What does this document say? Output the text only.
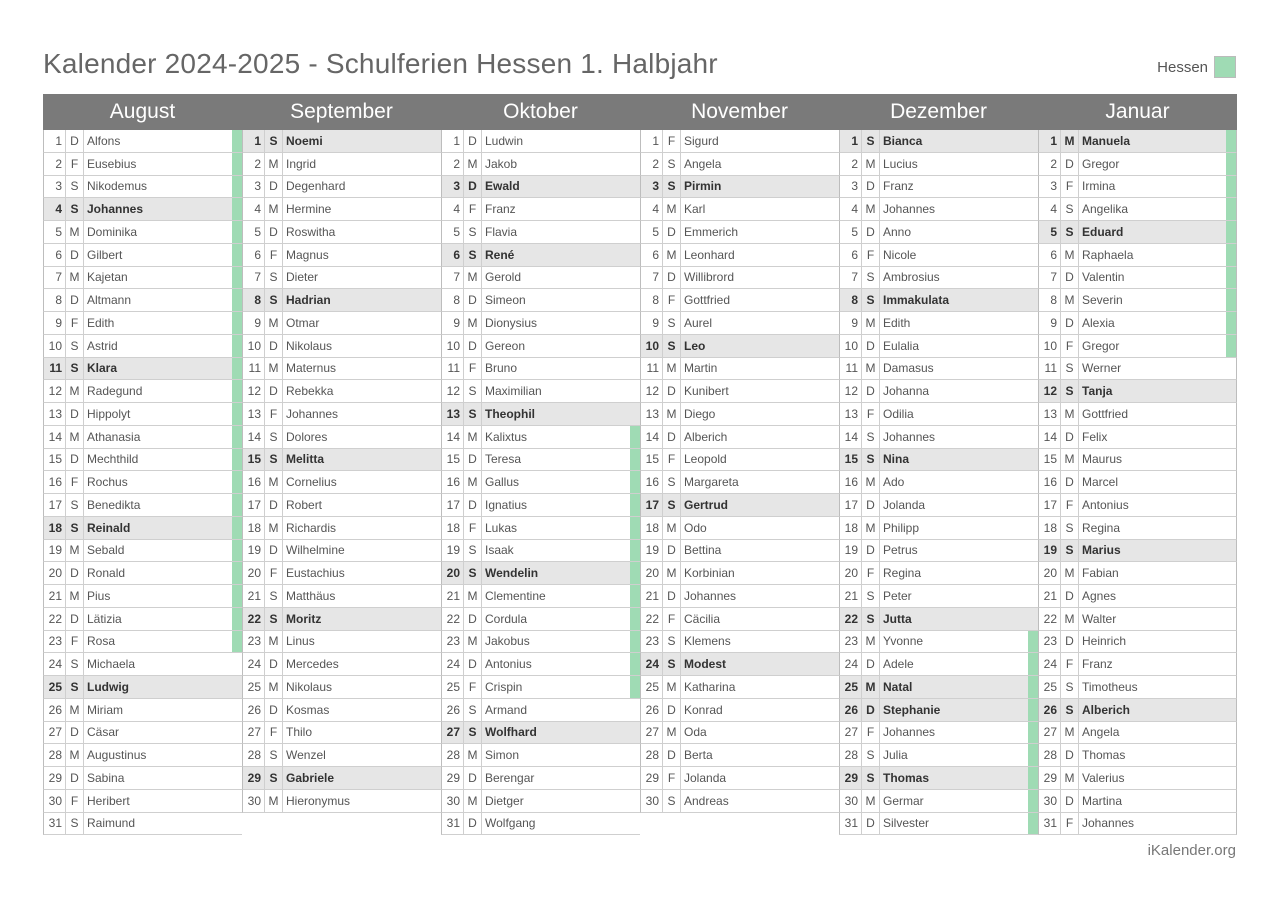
Kalender 2024-2025 - Schulferien Hessen 1. Halbjahr	Hessen
August
1 D Alfons
2 F Eusebius
3 S Nikodemus
4 S Johannes
5 M Dominika
6 D Gilbert
7 M Kajetan
8 D Altmann
9 F Edith
10 S Astrid
11 S Klara
12 M Radegund
13 D Hippolyt
14 M Athanasia
15 D Mechthild
16 F Rochus
17 S Benedikta
18 S Reinald
19 M Sebald
20 D Ronald
21 M Pius
22 D Lätizia
23 F Rosa
24 S Michaela
25 S Ludwig
26 M Miriam
27 D Cäsar
28 M Augustinus
29 D Sabina
30 F Heribert
31 S Raimund
September
1 S Noemi
2 M Ingrid
3 D Degenhard
4 M Hermine
5 D Roswitha
6 F Magnus
7 S Dieter
8 S Hadrian
9 M Otmar
10 D Nikolaus
11 M Maternus
12 D Rebekka
13 F Johannes
14 S Dolores
15 S Melitta
16 M Cornelius
17 D Robert
18 M Richardis
19 D Wilhelmine
20 F Eustachius
21 S Matthäus
22 S Moritz
23 M Linus
24 D Mercedes
25 M Nikolaus
26 D Kosmas
27 F Thilo
28 S Wenzel
29 S Gabriele
30 M Hieronymus
Oktober
1 D Ludwin
2 M Jakob
3 D Ewald
4 F Franz
5 S Flavia
6 S René
7 M Gerold
8 D Simeon
9 M Dionysius
10 D Gereon
11 F Bruno
12 S Maximilian
13 S Theophil
14 M Kalixtus
15 D Teresa
16 M Gallus
17 D Ignatius
18 F Lukas
19 S Isaak
20 S Wendelin
21 M Clementine
22 D Cordula
23 M Jakobus
24 D Antonius
25 F Crispin
26 S Armand
27 S Wolfhard
28 M Simon
29 D Berengar
30 M Dietger
31 D Wolfgang
November
1 F Sigurd
2 S Angela
3 S Pirmin
4 M Karl
5 D Emmerich
6 M Leonhard
7 D Willibrord
8 F Gottfried
9 S Aurel
10 S Leo
11 M Martin
12 D Kunibert
13 M Diego
14 D Alberich
15 F Leopold
16 S Margareta
17 S Gertrud
18 M Odo
19 D Bettina
20 M Korbinian
21 D Johannes
22 F Cäcilia
23 S Klemens
24 S Modest
25 M Katharina
26 D Konrad
27 M Oda
28 D Berta
29 F Jolanda
30 S Andreas
Dezember
1 S Bianca
2 M Lucius
3 D Franz
4 M Johannes
5 D Anno
6 F Nicole
7 S Ambrosius
8 S Immakulata
9 M Edith
10 D Eulalia
11 M Damasus
12 D Johanna
13 F Odilia
14 S Johannes
15 S Nina
16 M Ado
17 D Jolanda
18 M Philipp
19 D Petrus
20 F Regina
21 S Peter
22 S Jutta
23 M Yvonne
24 D Adele
25 M Natal
26 D Stephanie
27 F Johannes
28 S Julia
29 S Thomas
30 M Germar
31 D Silvester
Januar
1 M Manuela
2 D Gregor
3 F Irmina
4 S Angelika
5 S Eduard
6 M Raphaela
7 D Valentin
8 M Severin
9 D Alexia
10 F Gregor
11 S Werner
12 S Tanja
13 M Gottfried
14 D Felix
15 M Maurus
16 D Marcel
17 F Antonius
18 S Regina
19 S Marius
20 M Fabian
21 D Agnes
22 M Walter
23 D Heinrich
24 F Franz
25 S Timotheus
26 S Alberich
27 M Angela
28 D Thomas
29 M Valerius
30 D Martina
31 F Johannes
iKalender.org
